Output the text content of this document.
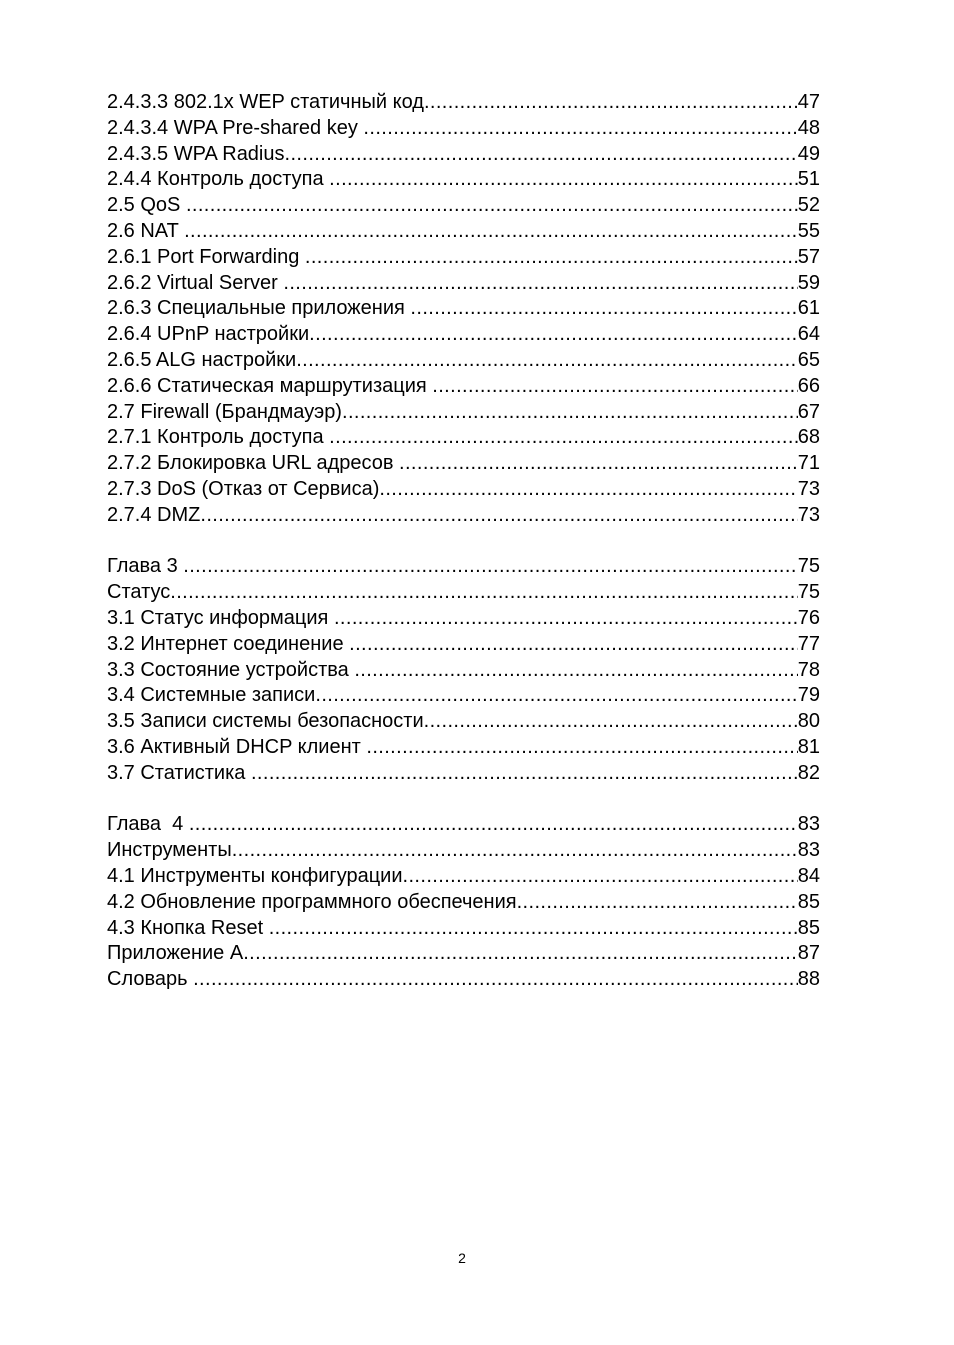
2.4.3.3 802.1x WEP статичный код .....	47
2.4.3.4 WPA Pre-shared key .....	48
2.4.3.5 WPA Radius .....	49
2.4.4 Контроль доступа .....	51
2.5 QoS .....	52
2.6 NAT .....	55
2.6.1 Port Forwarding .....	57
2.6.2 Virtual Server .....	59
2.6.3 Специальные приложения .....	61
2.6.4 UPnP настройки .....	64
2.6.5 ALG настройки .....	65
2.6.6 Статическая маршрутизация .....	66
2.7 Firewall (Брандмауэр) .....	67
2.7.1 Контроль доступа .....	68
2.7.2 Блокировка URL адресов .....	71
2.7.3 DoS (Отказ от Сервиса) .....	73
2.7.4 DMZ .....	73
Глава 3 .....	75
Статус .....	75
3.1 Статус информация .....	76
3.2 Интернет соединение .....	77
3.3 Состояние устройства .....	78
3.4 Системные записи .....	79
3.5 Записи системы безопасности .....	80
3.6 Активный DHCP клиент .....	81
3.7 Статистика .....	82
Глава  4 .....	83
Инструменты .....	83
4.1 Инструменты конфигурации .....	84
4.2 Обновление программного обеспечения .....	85
4.3 Кнопка Reset .....	85
Приложение A .....	87
Словарь .....	88
2
